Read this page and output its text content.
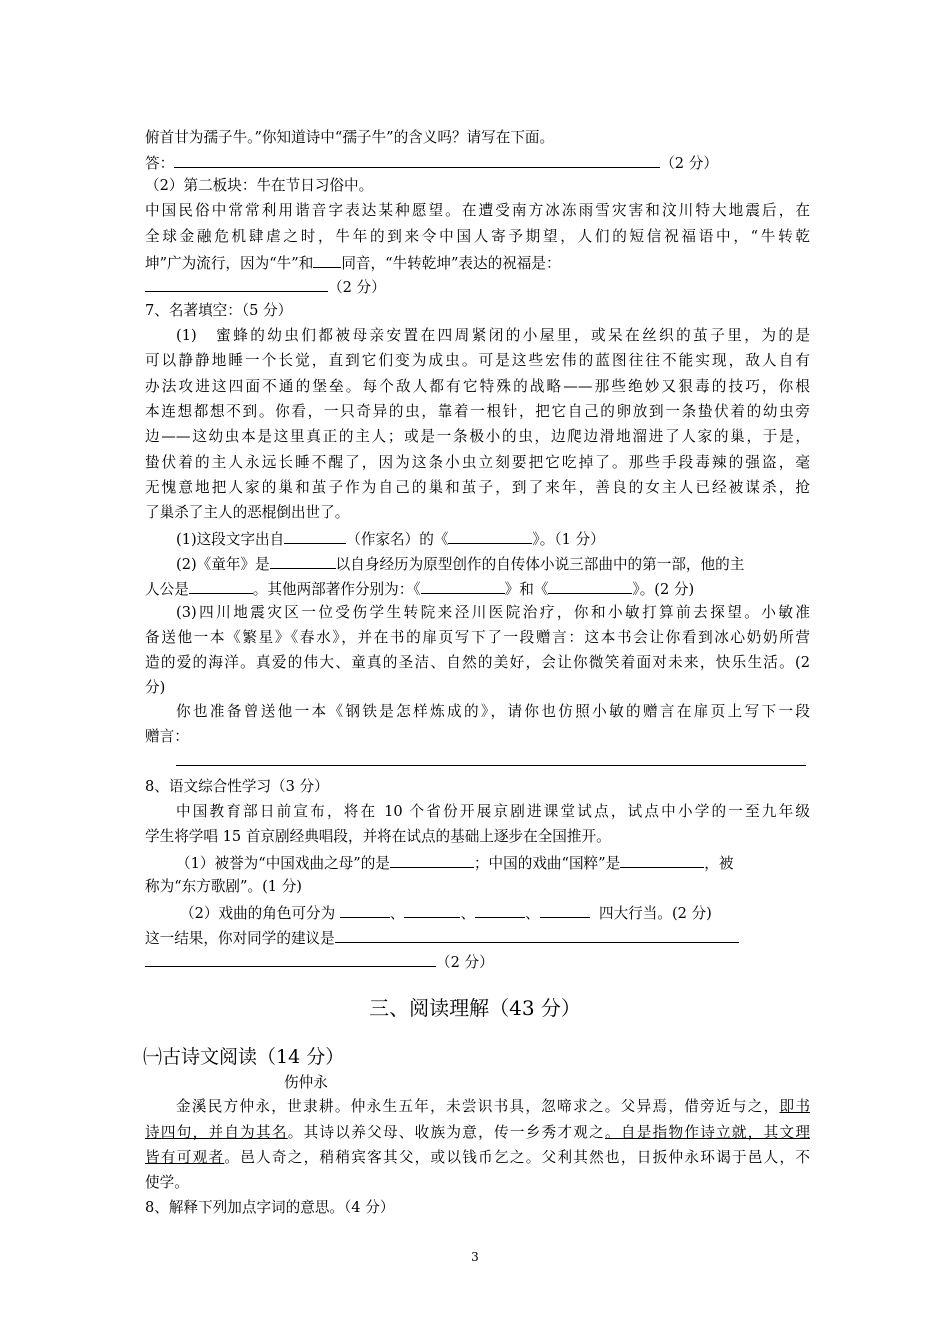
俯首甘为孺子牛。”你知道诗中“孺子牛”的含义吗？请写在下面。
答：	（2 分）
（2）第二板块：牛在节日习俗中。
中国民俗中常常利用谐音字表达某种愿望。在遭受南方冰冻雨雪灾害和汶川特大地震后，在
全球金融危机肆虐之时，牛年的到来令中国人寄予期望，人们的短信祝福语中，“牛转乾
坤”广为流行，因为“牛”和 同音，“牛转乾坤”表达的祝福是：
（2 分）
7、名著填空：（5 分）
(1)　蜜蜂的幼虫们都被母亲安置在四周紧闭的小屋里，或呆在丝织的茧子里，为的是
可以静静地睡一个长觉，直到它们变为成虫。可是这些宏伟的蓝图往往不能实现，敌人自有
办法攻进这四面不通的堡垒。每个敌人都有它特殊的战略——那些绝妙又狠毒的技巧，你根
本连想都想不到。你看，一只奇异的虫，靠着一根针，把它自己的卵放到一条蛰伏着的幼虫旁
边——这幼虫本是这里真正的主人；或是一条极小的虫，边爬边滑地溜进了人家的巢，于是，
蛰伏着的主人永远长睡不醒了，因为这条小虫立刻要把它吃掉了。那些手段毒辣的强盗，毫
无愧意地把人家的巢和茧子作为自己的巢和茧子，到了来年，善良的女主人已经被谋杀，抢
了巢杀了主人的恶棍倒出世了。
(1)这段文字出自	（作家名）的《	》。（1 分）
(2)《童年》是	以自身经历为原型创作的自传体小说三部曲中的第一部，他的主
人公是	。其他两部著作分别为：《	》和《	》。(2 分)
(3)四川地震灾区一位受伤学生转院来泾川医院治疗，你和小敏打算前去探望。小敏准
备送他一本《繁星》《春水》，并在书的扉页写下了一段赠言：这本书会让你看到冰心奶奶所营
造的爱的海洋。真爱的伟大、童真的圣洁、自然的美好，会让你微笑着面对未来，快乐生活。(2
分)
你也准备曾送他一本《钢铁是怎样炼成的》，请你也仿照小敏的赠言在扉页上写下一段
赠言：
8、语文综合性学习（3 分）
中国教育部日前宣布，将在 10 个省份开展京剧进课堂试点，试点中小学的一至九年级
学生将学唱 15 首京剧经典唱段，并将在试点的基础上逐步在全国推开。
（1）被誉为“中国戏曲之母”的是	；中国的戏曲“国粹”是	，被
称为“东方歌剧”。(1 分)
（2）戏曲的角色可分为	、	、	、	四大行当。(2 分)
这一结果，你对同学的建议是
（2 分）
三、阅读理解（43 分）
㈠古诗文阅读（14 分）
伤仲永
金溪民方仲永，世隶耕。仲永生五年，未尝识书具，忽啼求之。父异焉，借旁近与之，即书
诗四句，并自为其名。其诗以养父母、收族为意，传一乡秀才观之。自是指物作诗立就，其文理
皆有可观者。邑人奇之，稍稍宾客其父，或以钱币乞之。父利其然也，日扳仲永环谒于邑人，不
使学。
8、解释下列加点字词的意思。（4 分）
3
